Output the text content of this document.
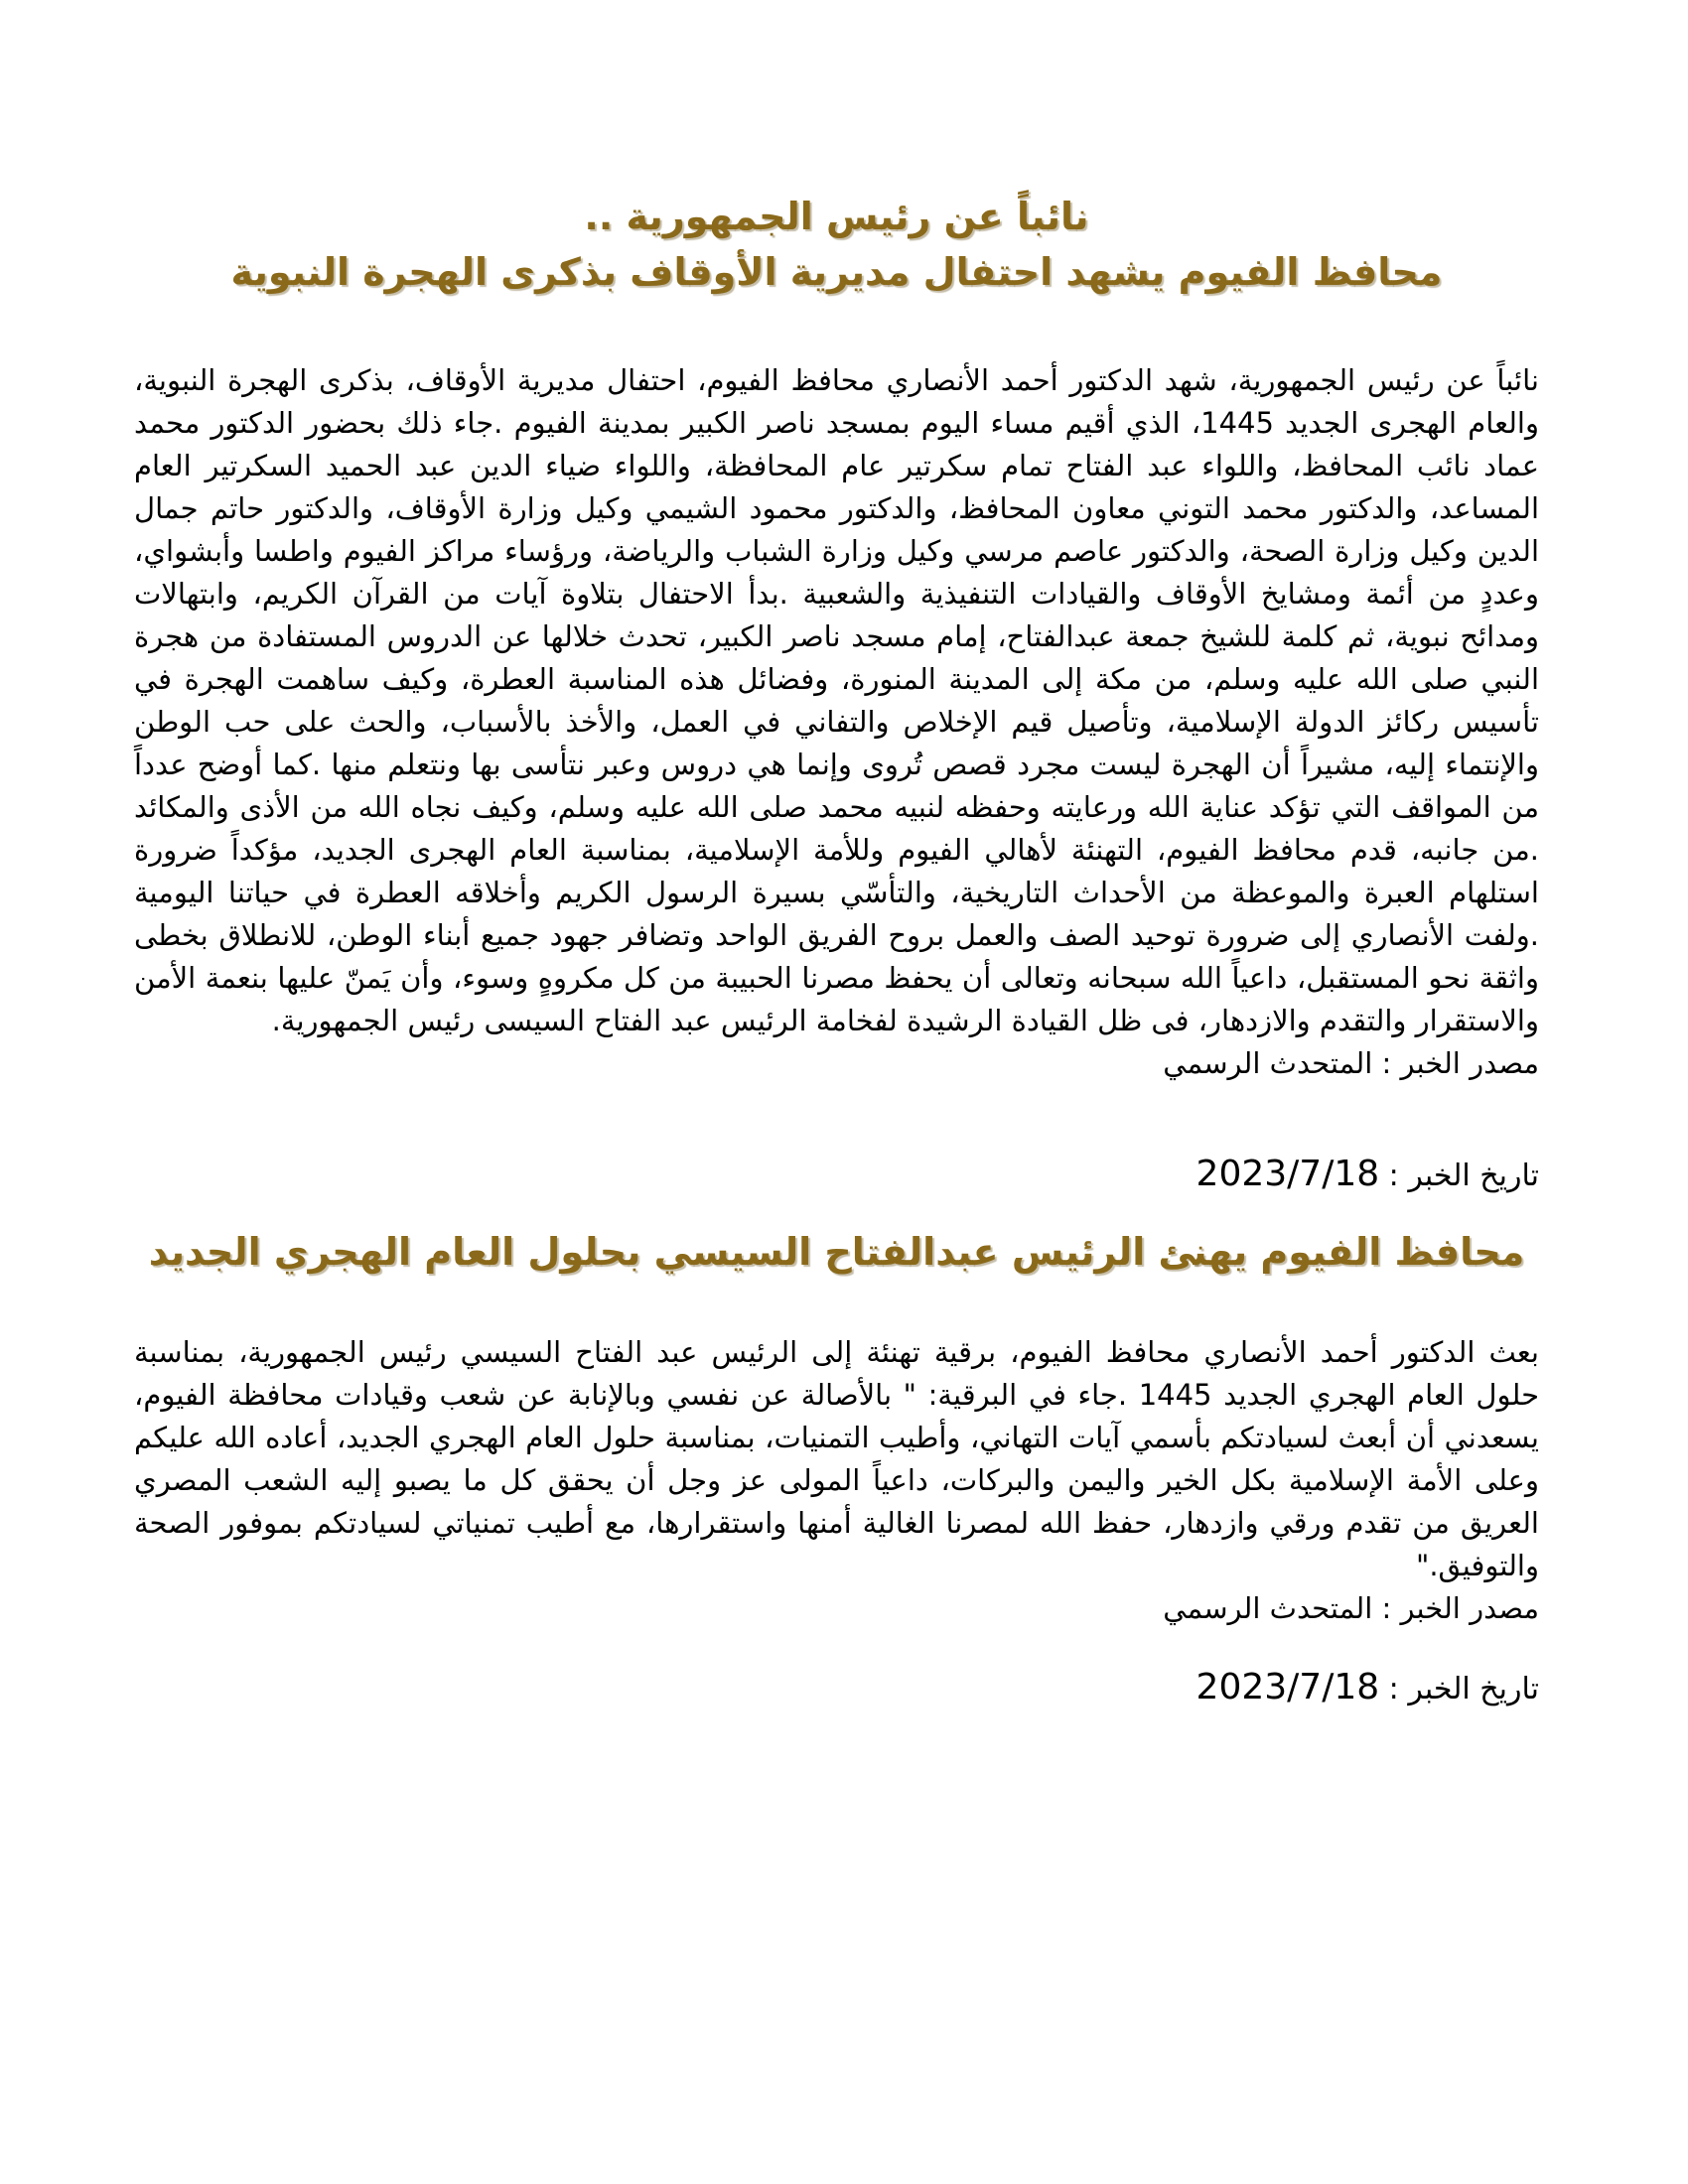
نائباً عن رئيس الجمهورية ..
محافظ الفيوم يشهد احتفال مديرية الأوقاف بذكرى الهجرة النبوية

نائباً عن رئيس الجمهورية، شهد الدكتور أحمد الأنصاري محافظ الفيوم، احتفال مديرية الأوقاف، بذكرى الهجرة النبوية، والعام الهجرى الجديد 1445، الذي أقيم مساء اليوم بمسجد ناصر الكبير بمدينة الفيوم .جاء ذلك بحضور الدكتور محمد عماد نائب المحافظ، واللواء عبد الفتاح تمام سكرتير عام المحافظة، واللواء ضياء الدين عبد الحميد السكرتير العام المساعد، والدكتور محمد التوني معاون المحافظ، والدكتور محمود الشيمي وكيل وزارة الأوقاف، والدكتور حاتم جمال الدين وكيل وزارة الصحة، والدكتور عاصم مرسي وكيل وزارة الشباب والرياضة، ورؤساء مراكز الفيوم واطسا وأبشواي، وعددٍ من أئمة ومشايخ الأوقاف والقيادات التنفيذية والشعبية .بدأ الاحتفال بتلاوة آيات من القرآن الكريم، وابتهالات ومدائح نبوية، ثم كلمة للشيخ جمعة عبدالفتاح، إمام مسجد ناصر الكبير، تحدث خلالها عن الدروس المستفادة من هجرة النبي صلى الله عليه وسلم، من مكة إلى المدينة المنورة، وفضائل هذه المناسبة العطرة، وكيف ساهمت الهجرة في تأسيس ركائز الدولة الإسلامية، وتأصيل قيم الإخلاص والتفاني في العمل، والأخذ بالأسباب، والحث على حب الوطن والإنتماء إليه، مشيراً أن الهجرة ليست مجرد قصص تُروى وإنما هي دروس وعبر نتأسى بها ونتعلم منها .كما أوضح عدداً من المواقف التي تؤكد عناية الله ورعايته وحفظه لنبيه محمد صلى الله عليه وسلم، وكيف نجاه الله من الأذى والمكائد .من جانبه، قدم محافظ الفيوم، التهنئة لأهالي الفيوم وللأمة الإسلامية، بمناسبة العام الهجرى الجديد، مؤكداً ضرورة استلهام العبرة والموعظة من الأحداث التاريخية، والتأسّي بسيرة الرسول الكريم وأخلاقه العطرة في حياتنا اليومية .ولفت الأنصاري إلى ضرورة توحيد الصف والعمل بروح الفريق الواحد وتضافر جهود جميع أبناء الوطن، للانطلاق بخطى واثقة نحو المستقبل، داعياً الله سبحانه وتعالى أن يحفظ مصرنا الحبيبة من كل مكروهٍ وسوء، وأن يَمنّ عليها بنعمة الأمن والاستقرار والتقدم والازدهار، فى ظل القيادة الرشيدة لفخامة الرئيس عبد الفتاح السيسى رئيس الجمهورية.

مصدر الخبر : المتحدث الرسمي
تاريخ الخبر : 2023/7/18
محافظ الفيوم يهنئ الرئيس عبدالفتاح السيسي بحلول العام الهجري الجديد

بعث الدكتور أحمد الأنصاري محافظ الفيوم، برقية تهنئة إلى الرئيس عبد الفتاح السيسي رئيس الجمهورية، بمناسبة حلول العام الهجري الجديد 1445 .جاء في البرقية: " بالأصالة عن نفسي وبالإنابة عن شعب وقيادات محافظة الفيوم، يسعدني أن أبعث لسيادتكم بأسمي آيات التهاني، وأطيب التمنيات، بمناسبة حلول العام الهجري الجديد، أعاده الله عليكم وعلى الأمة الإسلامية بكل الخير واليمن والبركات، داعياً المولى عز وجل أن يحقق كل ما يصبو إليه الشعب المصري العريق من تقدم ورقي وازدهار، حفظ الله لمصرنا الغالية أمنها واستقرارها، مع أطيب تمنياتي لسيادتكم بموفور الصحة والتوفيق."

مصدر الخبر : المتحدث الرسمي
تاريخ الخبر : 2023/7/18
